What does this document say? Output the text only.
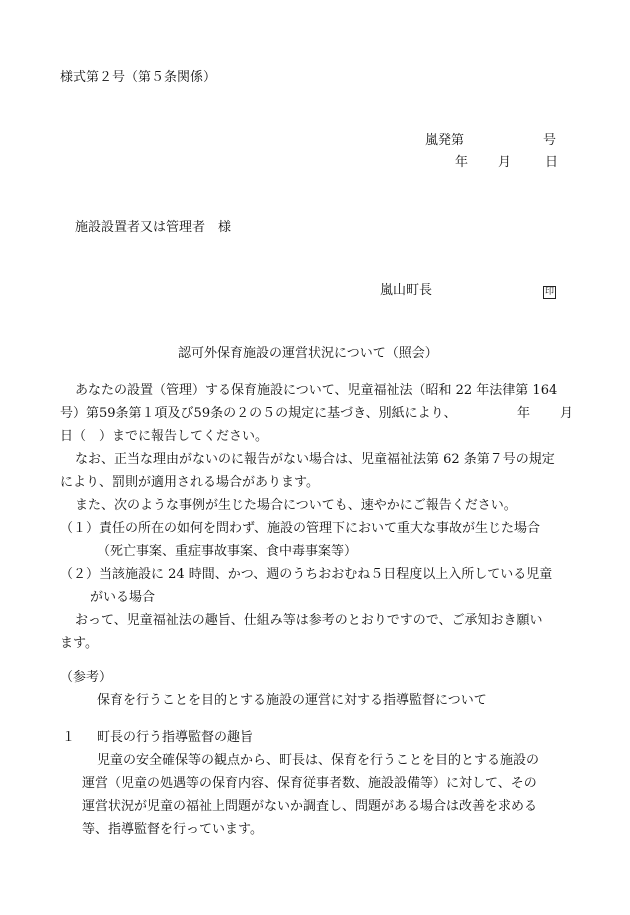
様式第２号（第５条関係）
嵐発第	号
年 月	日
施設設置者又は管理者　様
嵐山町長	印
認可外保育施設の運営状況について（照会）
あなたの設置（管理）する保育施設について、児童福祉法（昭和 22 年法律第 164
号）第59条第１項及び59条の２の５の規定に基づき、別紙により、	年 月
日（　）までに報告してください。
なお、正当な理由がないのに報告がない場合は、児童福祉法第 62 条第７号の規定
により、罰則が適用される場合があります。
また、次のような事例が生じた場合についても、速やかにご報告ください。
（１）責任の所在の如何を問わず、施設の管理下において重大な事故が生じた場合
（死亡事案、重症事故事案、食中毒事案等）
（２）当該施設に 24 時間、かつ、週のうちおおむね５日程度以上入所している児童
がいる場合
おって、児童福祉法の趣旨、仕組み等は参考のとおりですので、ご承知おき願い
ます。
（参考）
保育を行うことを目的とする施設の運営に対する指導監督について
１ 町長の行う指導監督の趣旨
児童の安全確保等の観点から、町長は、保育を行うことを目的とする施設の
運営（児童の処遇等の保育内容、保育従事者数、施設設備等）に対して、その
運営状況が児童の福祉上問題がないか調査し、問題がある場合は改善を求める
等、指導監督を行っています。
